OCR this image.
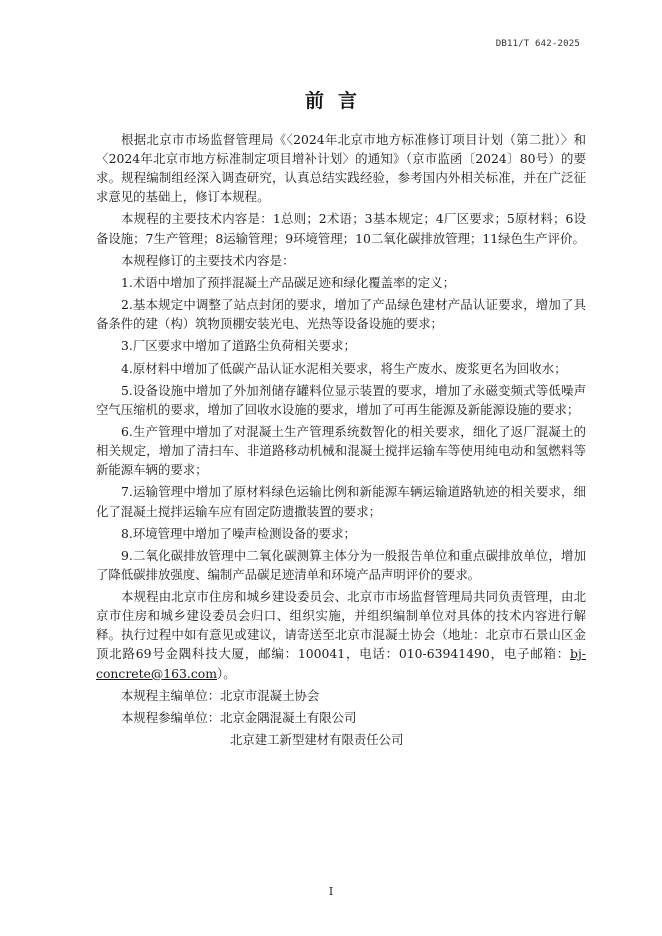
DB11/T 642-2025
前言

根据北京市市场监督管理局《〈2024年北京市地方标准修订项目计划（第二批）〉和〈2024年北京市地方标准制定项目增补计划〉的通知》（京市监函〔2024〕80号）的要求。规程编制组经深入调查研究，认真总结实践经验，参考国内外相关标准，并在广泛征求意见的基础上，修订本规程。

本规程的主要技术内容是：1总则；2术语；3基本规定；4厂区要求；5原材料；6设备设施；7生产管理；8运输管理；9环境管理；10二氧化碳排放管理；11绿色生产评价。

本规程修订的主要技术内容是：

1.术语中增加了预拌混凝土产品碳足迹和绿化覆盖率的定义；

2.基本规定中调整了站点封闭的要求，增加了产品绿色建材产品认证要求，增加了具备条件的建（构）筑物顶棚安装光电、光热等设备设施的要求；

3.厂区要求中增加了道路尘负荷相关要求；

4.原材料中增加了低碳产品认证水泥相关要求，将生产废水、废浆更名为回收水；

5.设备设施中增加了外加剂储存罐料位显示装置的要求，增加了永磁变频式等低噪声空气压缩机的要求，增加了回收水设施的要求，增加了可再生能源及新能源设施的要求；

6.生产管理中增加了对混凝土生产管理系统数智化的相关要求，细化了返厂混凝土的相关规定，增加了清扫车、非道路移动机械和混凝土搅拌运输车等使用纯电动和氢燃料等新能源车辆的要求；

7.运输管理中增加了原材料绿色运输比例和新能源车辆运输道路轨迹的相关要求，细化了混凝土搅拌运输车应有固定防遗撒装置的要求；

8.环境管理中增加了噪声检测设备的要求；

9.二氧化碳排放管理中二氧化碳测算主体分为一般报告单位和重点碳排放单位，增加了降低碳排放强度、编制产品碳足迹清单和环境产品声明评价的要求。

本规程由北京市住房和城乡建设委员会、北京市市场监督管理局共同负责管理，由北京市住房和城乡建设委员会归口、组织实施，并组织编制单位对具体的技术内容进行解释。执行过程中如有意见或建议，请寄送至北京市混凝土协会（地址：北京市石景山区金顶北路69号金隅科技大厦，邮编：100041，电话：010-63941490，电子邮箱：bj-concrete@163.com）。

本规程主编单位：北京市混凝土协会

本规程参编单位：北京金隅混凝土有限公司

北京建工新型建材有限责任公司

I
